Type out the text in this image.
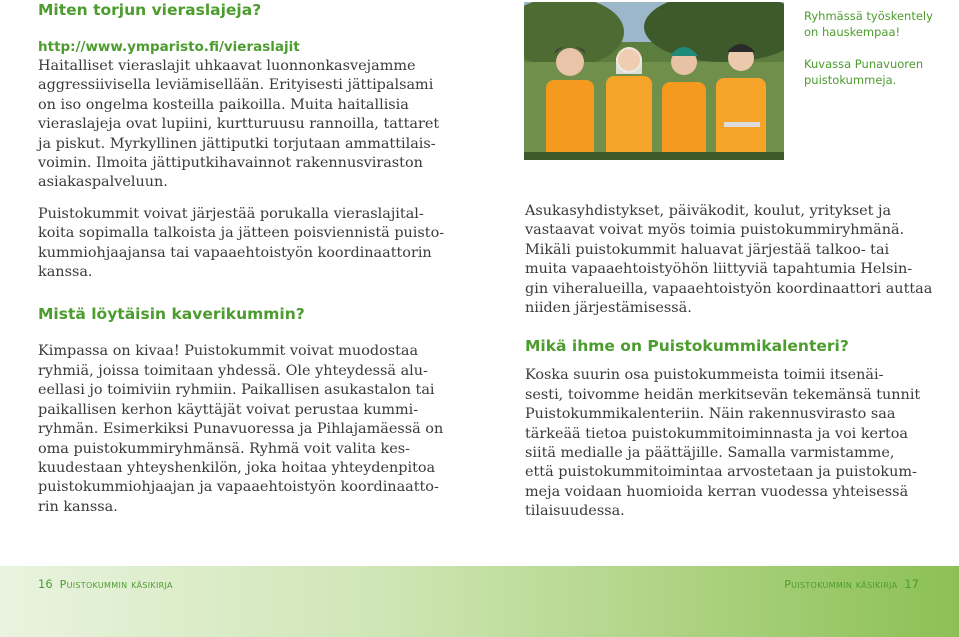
Miten torjun vieraslajeja?
http://www.ymparisto.fi/vieraslajit

Haitalliset vieraslajit uhkaavat luonnonkasvejamme
aggressiivisella leviämisellään. Erityisesti jättipalsami
on iso ongelma kosteilla paikoilla. Muita haitallisia
vieraslajeja ovat lupiini, kurtturuusu rannoilla, tattaret
ja piskut. Myrkyllinen jättiputki torjutaan ammattilais-
voimin. Ilmoita jättiputkihavainnot rakennusviraston
asiakaspalveluun.

Puistokummit voivat järjestää porukalla vieraslajital-
koita sopimalla talkoista ja jätteen poisviennistä puisto-
kummiohjaajansa tai vapaaehtoistyön koordinaattorin
kanssa.

Mistä löytäisin kaverikummin?

Kimpassa on kivaa! Puistokummit voivat muodostaa
ryhmiä, joissa toimitaan yhdessä. Ole yhteydessä alu-
eellasi jo toimiviin ryhmiin. Paikallisen asukastalon tai
paikallisen kerhon käyttäjät voivat perustaa kummi-
ryhmän. Esimerkiksi Punavuoressa ja Pihlajamäessä on
oma puistokummiryhmänsä. Ryhmä voit valita kes-
kuudestaan yhteyshenkilön, joka hoitaa yhteydenpitoa
puistokummiohjaajan ja vapaaehtoistyön koordinaatto-
rin kanssa.

Ryhmässä työskentely
on hauskempaa!

Kuvassa Punavuoren
puistokummeja.

Asukasyhdistykset, päiväkodit, koulut, yritykset ja
vastaavat voivat myös toimia puistokummiryhmänä.
Mikäli puistokummit haluavat järjestää talkoo- tai
muita vapaaehtoistyöhön liittyviä tapahtumia Helsin-
gin viheralueilla, vapaaehtoistyön koordinaattori auttaa
niiden järjestämisessä.

Mikä ihme on Puistokummikalenteri?

Koska suurin osa puistokummeista toimii itsenäi-
sesti, toivomme heidän merkitsevän tekemänsä tunnit
Puistokummikalenteriin. Näin rakennusvirasto saa
tärkeää tietoa puistokummitoiminnasta ja voi kertoa
siitä medialle ja päättäjille. Samalla varmistamme,
että puistokummitoimintaa arvostetaan ja puistokum-
meja voidaan huomioida kerran vuodessa yhteisessä
tilaisuudessa.

16 Puistokummin käsikirja	Puistokummin käsikirja 17
